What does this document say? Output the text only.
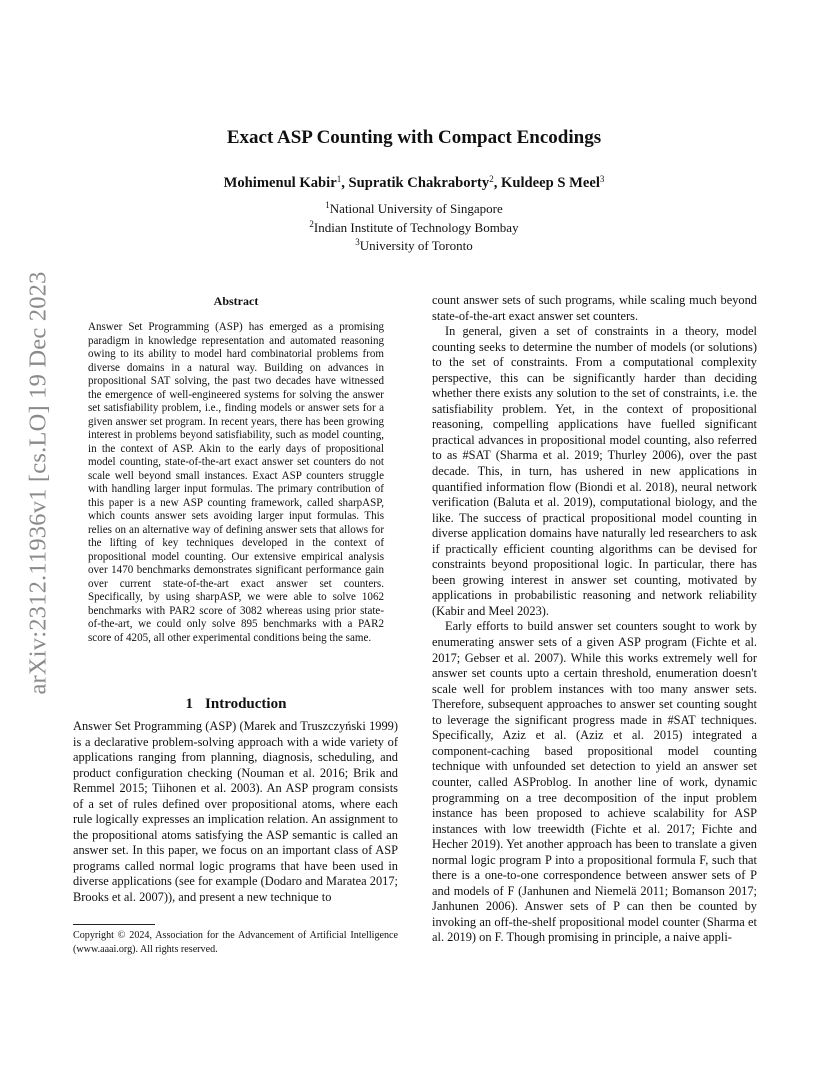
arXiv:2312.11936v1 [cs.LO] 19 Dec 2023
Exact ASP Counting with Compact Encodings
Mohimenul Kabir$^1$, Supratik Chakraborty$^2$, Kuldeep S Meel$^3$
$^1$National University of Singapore
$^2$Indian Institute of Technology Bombay
$^3$University of Toronto
Abstract

Answer Set Programming (ASP) has emerged as a promising paradigm in knowledge representation and automated reasoning owing to its ability to model hard combinatorial problems from diverse domains in a natural way. Building on advances in propositional SAT solving, the past two decades have witnessed the emergence of well-engineered systems for solving the answer set satisfiability problem, i.e., finding models or answer sets for a given answer set program. In recent years, there has been growing interest in problems beyond satisfiability, such as model counting, in the context of ASP. Akin to the early days of propositional model counting, state-of-the-art exact answer set counters do not scale well beyond small instances. Exact ASP counters struggle with handling larger input formulas. The primary contribution of this paper is a new ASP counting framework, called sharpASP, which counts answer sets avoiding larger input formulas. This relies on an alternative way of defining answer sets that allows for the lifting of key techniques developed in the context of propositional model counting. Our extensive empirical analysis over 1470 benchmarks demonstrates significant performance gain over current state-of-the-art exact answer set counters. Specifically, by using sharpASP, we were able to solve 1062 benchmarks with PAR2 score of 3082 whereas using prior state-of-the-art, we could only solve 895 benchmarks with a PAR2 score of 4205, all other experimental conditions being the same.

1 Introduction

Answer Set Programming (ASP) (Marek and Truszczyński 1999) is a declarative problem-solving approach with a wide variety of applications ranging from planning, diagnosis, scheduling, and product configuration checking (Nouman et al. 2016; Brik and Remmel 2015; Tiihonen et al. 2003). An ASP program consists of a set of rules defined over propositional atoms, where each rule logically expresses an implication relation. An assignment to the propositional atoms satisfying the ASP semantic is called an answer set. In this paper, we focus on an important class of ASP programs called normal logic programs that have been used in diverse applications (see for example (Dodaro and Maratea 2017; Brooks et al. 2007)), and present a new technique to

count answer sets of such programs, while scaling much beyond state-of-the-art exact answer set counters.

In general, given a set of constraints in a theory, model counting seeks to determine the number of models (or solutions) to the set of constraints. From a computational complexity perspective, this can be significantly harder than deciding whether there exists any solution to the set of constraints, i.e. the satisfiability problem. Yet, in the context of propositional reasoning, compelling applications have fuelled significant practical advances in propositional model counting, also referred to as #SAT (Sharma et al. 2019; Thurley 2006), over the past decade. This, in turn, has ushered in new applications in quantified information flow (Biondi et al. 2018), neural network verification (Baluta et al. 2019), computational biology, and the like. The success of practical propositional model counting in diverse application domains have naturally led researchers to ask if practically efficient counting algorithms can be devised for constraints beyond propositional logic. In particular, there has been growing interest in answer set counting, motivated by applications in probabilistic reasoning and network reliability (Kabir and Meel 2023).

Early efforts to build answer set counters sought to work by enumerating answer sets of a given ASP program (Fichte et al. 2017; Gebser et al. 2007). While this works extremely well for answer set counts upto a certain threshold, enumeration doesn't scale well for problem instances with too many answer sets. Therefore, subsequent approaches to answer set counting sought to leverage the significant progress made in #SAT techniques. Specifically, Aziz et al. (Aziz et al. 2015) integrated a component-caching based propositional model counting technique with unfounded set detection to yield an answer set counter, called ASProblog. In another line of work, dynamic programming on a tree decomposition of the input problem instance has been proposed to achieve scalability for ASP instances with low treewidth (Fichte et al. 2017; Fichte and Hecher 2019). Yet another approach has been to translate a given normal logic program P into a propositional formula F, such that there is a one-to-one correspondence between answer sets of P and models of F (Janhunen and Niemelä 2011; Bomanson 2017; Janhunen 2006). Answer sets of P can then be counted by invoking an off-the-shelf propositional model counter (Sharma et al. 2019) on F. Though promising in principle, a naive appli-

Copyright © 2024, Association for the Advancement of Artificial Intelligence (www.aaai.org). All rights reserved.
